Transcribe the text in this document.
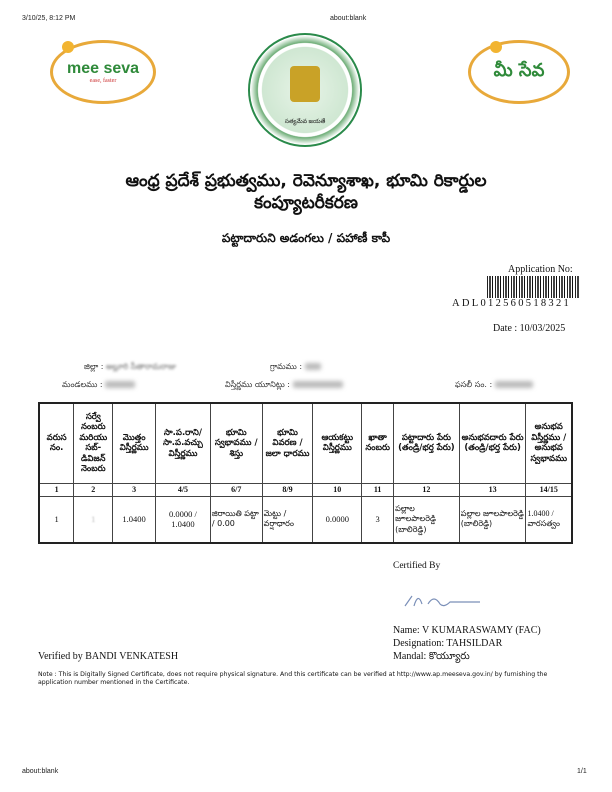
3/10/25, 8:12 PM	about:blank
mee seva
ease, faster
సత్యమేవ జయతే
మీ సేవ
ఆంధ్ర ప్రదేశ్ ప్రభుత్వము, రెవెన్యూశాఖ, భూమి రికార్డుల
కంప్యూటరీకరణ
పట్టాదారుని అడంగలు / పహాణీ కాపీ
Application No:
ADL012560518321
Date : 10/03/2025
జిల్లా : అల్లూరి సీతారామరాజు	గ్రామము :
మండలము :	విస్తీర్ణము యూనిట్లు :	ఫసలీ సం. :
వరుస నం.	సర్వే నంబరు మరియు సబ్-డివిజన్ నెంబరు	మొత్తం విస్తీర్ణము	సా.ప.రాని/ సా.ప.వచ్చు విస్తీర్ణము	భూమి స్వభావము / శిస్తు	భూమి వివరణ / జలా ధారము	ఆయకట్టు విస్తీర్ణము	ఖాతా నంబరు	పట్టాదారు పేరు (తండ్రి/భర్త పేరు)	అనుభవదారు పేరు (తండ్రి/భర్త పేరు)	అనుభవ విస్తీర్ణము / అనుభవ స్వభావము
1	2	3	4/5	6/7	8/9	10	11	12	13	14/15
1	1	1.0400	0.0000 / 1.0400	జిరాయితి పట్టా / 0.00	మెట్టు / వర్షాధారం	0.0000	3	పల్లాల జూలపాలరెడ్డి (బాలిరెడ్డి)	పల్లాల జూలపాలరెడ్డి (బాలిరెడ్డి)	1.0400 / వారసత్వం
Certified By
Name: V KUMARASWAMY (FAC)
Designation: TAHSILDAR
Mandal: కొయ్యూరు
Verified by BANDI VENKATESH
Note : This is Digitally Signed Certificate, does not require physical signature. And this certificate can be verified at http://www.ap.meeseva.gov.in/ by furnishing the application number mentioned in the Certificate.
about:blank	1/1
